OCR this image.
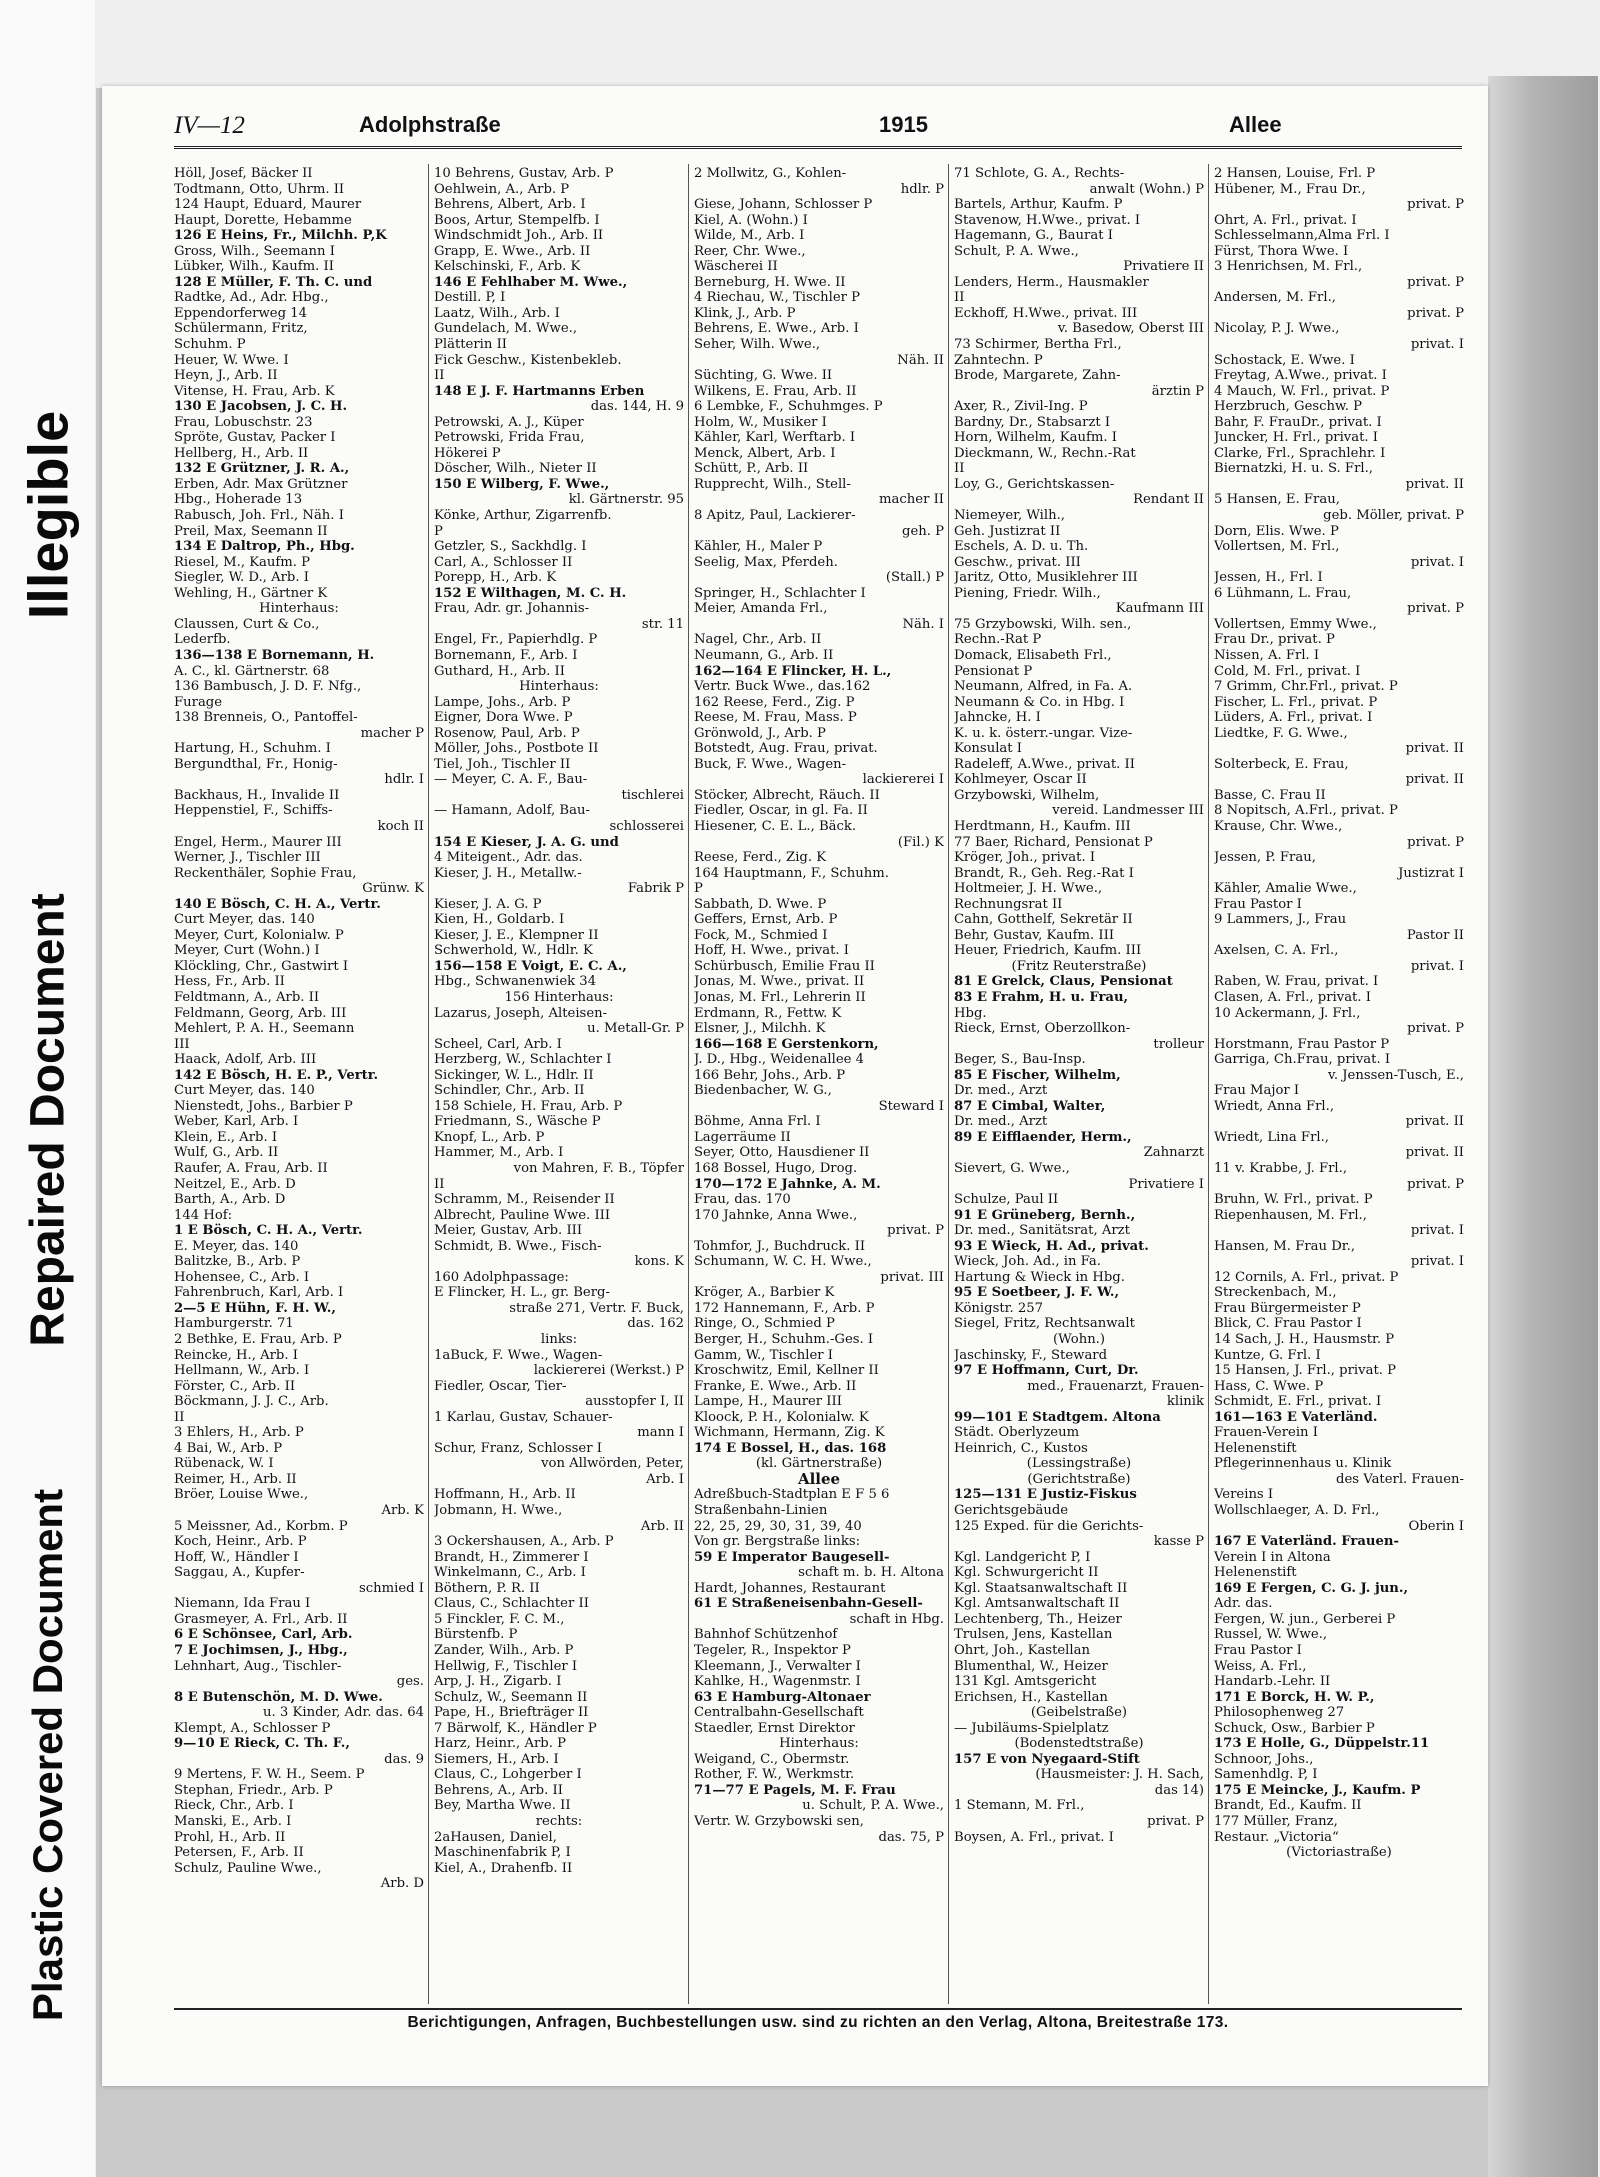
Illegible
Repaired Document
Plastic Covered Document
IV—12	Adolphstraße	1915	Allee
Höll, Josef, Bäcker II
Todtmann, Otto, Uhrm. II
124 Haupt, Eduard, Maurer
Haupt, Dorette, Hebamme
126 E Heins, Fr., Milchh. P,K
Gross, Wilh., Seemann I
Lübker, Wilh., Kaufm. II
128 E Müller, F. Th. C. und
Radtke, Ad., Adr. Hbg.,
Eppendorferweg 14
Schülermann, Fritz,
Schuhm. P
Heuer, W. Wwe. I
Heyn, J., Arb. II
Vitense, H. Frau, Arb. K
130 E Jacobsen, J. C. H.
Frau, Lobuschstr. 23
Spröte, Gustav, Packer I
Hellberg, H., Arb. II
132 E Grützner, J. R. A.,
Erben, Adr. Max Grützner
Hbg., Hoherade 13
Rabusch, Joh. Frl., Näh. I
Preil, Max, Seemann II
134 E Daltrop, Ph., Hbg.
Riesel, M., Kaufm. P
Siegler, W. D., Arb. I
Wehling, H., Gärtner K
Hinterhaus:
Claussen, Curt & Co.,
Lederfb.
136—138 E Bornemann, H.
A. C., kl. Gärtnerstr. 68
136 Bambusch, J. D. F. Nfg.,
Furage
138 Brenneis, O., Pantoffel-
macher P
Hartung, H., Schuhm. I
Bergundthal, Fr., Honig-
hdlr. I
Backhaus, H., Invalide II
Heppenstiel, F., Schiffs-
koch II
Engel, Herm., Maurer III
Werner, J., Tischler III
Reckenthäler, Sophie Frau,
Grünw. K
140 E Bösch, C. H. A., Vertr.
Curt Meyer, das. 140
Meyer, Curt, Kolonialw. P
Meyer, Curt (Wohn.) I
Klöckling, Chr., Gastwirt I
Hess, Fr., Arb. II
Feldtmann, A., Arb. II
Feldmann, Georg, Arb. III
Mehlert, P. A. H., Seemann
III
Haack, Adolf, Arb. III
142 E Bösch, H. E. P., Vertr.
Curt Meyer, das. 140
Nienstedt, Johs., Barbier P
Weber, Karl, Arb. I
Klein, E., Arb. I
Wulf, G., Arb. II
Raufer, A. Frau, Arb. II
Neitzel, E., Arb. D
Barth, A., Arb. D
144 Hof:
1 E Bösch, C. H. A., Vertr.
E. Meyer, das. 140
Balitzke, B., Arb. P
Hohensee, C., Arb. I
Fahrenbruch, Karl, Arb. I
2—5 E Hühn, F. H. W.,
Hamburgerstr. 71
2 Bethke, E. Frau, Arb. P
Reincke, H., Arb. I
Hellmann, W., Arb. I
Förster, C., Arb. II
Böckmann, J. J. C., Arb.
II
3 Ehlers, H., Arb. P
4 Bai, W., Arb. P
Rübenack, W. I
Reimer, H., Arb. II
Bröer, Louise Wwe.,
Arb. K
5 Meissner, Ad., Korbm. P
Koch, Heinr., Arb. P
Hoff, W., Händler I
Saggau, A., Kupfer-
schmied I
Niemann, Ida Frau I
Grasmeyer, A. Frl., Arb. II
6 E Schönsee, Carl, Arb.
7 E Jochimsen, J., Hbg.,
Lehnhart, Aug., Tischler-
ges.
8 E Butenschön, M. D. Wwe.
u. 3 Kinder, Adr. das. 64
Klempt, A., Schlosser P
9—10 E Rieck, C. Th. F.,
das. 9
9 Mertens, F. W. H., Seem. P
Stephan, Friedr., Arb. P
Rieck, Chr., Arb. I
Manski, E., Arb. I
Prohl, H., Arb. II
Petersen, F., Arb. II
Schulz, Pauline Wwe.,
Arb. D
10 Behrens, Gustav, Arb. P
Oehlwein, A., Arb. P
Behrens, Albert, Arb. I
Boos, Artur, Stempelfb. I
Windschmidt Joh., Arb. II
Grapp, E. Wwe., Arb. II
Kelschinski, F., Arb. K
146 E Fehlhaber M. Wwe.,
Destill. P, I
Laatz, Wilh., Arb. I
Gundelach, M. Wwe.,
Plätterin II
Fick Geschw., Kistenbekleb.
II
148 E J. F. Hartmanns Erben
das. 144, H. 9
Petrowski, A. J., Küper
Petrowski, Frida Frau,
Hökerei P
Döscher, Wilh., Nieter II
150 E Wilberg, F. Wwe.,
kl. Gärtnerstr. 95
Könke, Arthur, Zigarrenfb.
P
Getzler, S., Sackhdlg. I
Carl, A., Schlosser II
Porepp, H., Arb. K
152 E Wilthagen, M. C. H.
Frau, Adr. gr. Johannis-
str. 11
Engel, Fr., Papierhdlg. P
Bornemann, F., Arb. I
Guthard, H., Arb. II
Hinterhaus:
Lampe, Johs., Arb. P
Eigner, Dora Wwe. P
Rosenow, Paul, Arb. P
Möller, Johs., Postbote II
Tiel, Joh., Tischler II
— Meyer, C. A. F., Bau-
tischlerei
— Hamann, Adolf, Bau-
schlosserei
154 E Kieser, J. A. G. und
4 Miteigent., Adr. das.
Kieser, J. H., Metallw.-
Fabrik P
Kieser, J. A. G. P
Kien, H., Goldarb. I
Kieser, J. E., Klempner II
Schwerhold, W., Hdlr. K
156—158 E Voigt, E. C. A.,
Hbg., Schwanenwiek 34
156 Hinterhaus:
Lazarus, Joseph, Alteisen-
u. Metall-Gr. P
Scheel, Carl, Arb. I
Herzberg, W., Schlachter I
Sickinger, W. L., Hdlr. II
Schindler, Chr., Arb. II
158 Schiele, H. Frau, Arb. P
Friedmann, S., Wäsche P
Knopf, L., Arb. P
Hammer, M., Arb. I
von Mahren, F. B., Töpfer
II
Schramm, M., Reisender II
Albrecht, Pauline Wwe. III
Meier, Gustav, Arb. III
Schmidt, B. Wwe., Fisch-
kons. K
160 Adolphpassage:
E Flincker, H. L., gr. Berg-
straße 271, Vertr. F. Buck,
das. 162
links:
1aBuck, F. Wwe., Wagen-
lackiererei (Werkst.) P
Fiedler, Oscar, Tier-
ausstopfer I, II
1 Karlau, Gustav, Schauer-
mann I
Schur, Franz, Schlosser I
von Allwörden, Peter,
Arb. I
Hoffmann, H., Arb. II
Jobmann, H. Wwe.,
Arb. II
3 Ockershausen, A., Arb. P
Brandt, H., Zimmerer I
Winkelmann, C., Arb. I
Böthern, P. R. II
Claus, C., Schlachter II
5 Finckler, F. C. M.,
Bürstenfb. P
Zander, Wilh., Arb. P
Hellwig, F., Tischler I
Arp, J. H., Zigarb. I
Schulz, W., Seemann II
Pape, H., Briefträger II
7 Bärwolf, K., Händler P
Harz, Heinr., Arb. P
Siemers, H., Arb. I
Claus, C., Lohgerber I
Behrens, A., Arb. II
Bey, Martha Wwe. II
rechts:
2aHausen, Daniel,
Maschinenfabrik P, I
Kiel, A., Drahenfb. II
2 Mollwitz, G., Kohlen-
hdlr. P
Giese, Johann, Schlosser P
Kiel, A. (Wohn.) I
Wilde, M., Arb. I
Reer, Chr. Wwe.,
Wäscherei II
Berneburg, H. Wwe. II
4 Riechau, W., Tischler P
Klink, J., Arb. P
Behrens, E. Wwe., Arb. I
Seher, Wilh. Wwe.,
Näh. II
Süchting, G. Wwe. II
Wilkens, E. Frau, Arb. II
6 Lembke, F., Schuhmges. P
Holm, W., Musiker I
Kähler, Karl, Werftarb. I
Menck, Albert, Arb. I
Schütt, P., Arb. II
Rupprecht, Wilh., Stell-
macher II
8 Apitz, Paul, Lackierer-
geh. P
Kähler, H., Maler P
Seelig, Max, Pferdeh.
(Stall.) P
Springer, H., Schlachter I
Meier, Amanda Frl.,
Näh. I
Nagel, Chr., Arb. II
Neumann, G., Arb. II
162—164 E Flincker, H. L.,
Vertr. Buck Wwe., das.162
162 Reese, Ferd., Zig. P
Reese, M. Frau, Mass. P
Grönwold, J., Arb. P
Botstedt, Aug. Frau, privat.
Buck, F. Wwe., Wagen-
lackiererei I
Stöcker, Albrecht, Räuch. II
Fiedler, Oscar, in gl. Fa. II
Hiesener, C. E. L., Bäck.
(Fil.) K
Reese, Ferd., Zig. K
164 Hauptmann, F., Schuhm.
P
Sabbath, D. Wwe. P
Geffers, Ernst, Arb. P
Fock, M., Schmied I
Hoff, H. Wwe., privat. I
Schürbusch, Emilie Frau II
Jonas, M. Wwe., privat. II
Jonas, M. Frl., Lehrerin II
Erdmann, R., Fettw. K
Elsner, J., Milchh. K
166—168 E Gerstenkorn,
J. D., Hbg., Weidenallee 4
166 Behr, Johs., Arb. P
Biedenbacher, W. G.,
Steward I
Böhme, Anna Frl. I
Lagerräume II
Seyer, Otto, Hausdiener II
168 Bossel, Hugo, Drog.
170—172 E Jahnke, A. M.
Frau, das. 170
170 Jahnke, Anna Wwe.,
privat. P
Tohmfor, J., Buchdruck. II
Schumann, W. C. H. Wwe.,
privat. III
Kröger, A., Barbier K
172 Hannemann, F., Arb. P
Ringe, O., Schmied P
Berger, H., Schuhm.-Ges. I
Gamm, W., Tischler I
Kroschwitz, Emil, Kellner II
Franke, E. Wwe., Arb. II
Lampe, H., Maurer III
Kloock, P. H., Kolonialw. K
Wichmann, Hermann, Zig. K
174 E Bossel, H., das. 168
(kl. Gärtnerstraße)
Allee
Adreßbuch-Stadtplan E F 5 6
Straßenbahn-Linien
22, 25, 29, 30, 31, 39, 40
Von gr. Bergstraße links:
59 E Imperator Baugesell-
schaft m. b. H. Altona
Hardt, Johannes, Restaurant
61 E Straßeneisenbahn-Gesell-
schaft in Hbg.
Bahnhof Schützenhof
Tegeler, R., Inspektor P
Kleemann, J., Verwalter I
Kahlke, H., Wagenmstr. I
63 E Hamburg-Altonaer
Centralbahn-Gesellschaft
Staedler, Ernst Direktor
Hinterhaus:
Weigand, C., Obermstr.
Rother, F. W., Werkmstr.
71—77 E Pagels, M. F. Frau
u. Schult, P. A. Wwe.,
Vertr. W. Grzybowski sen,
das. 75, P
71 Schlote, G. A., Rechts-
anwalt (Wohn.) P
Bartels, Arthur, Kaufm. P
Stavenow, H.Wwe., privat. I
Hagemann, G., Baurat I
Schult, P. A. Wwe.,
Privatiere II
Lenders, Herm., Hausmakler
II
Eckhoff, H.Wwe., privat. III
v. Basedow, Oberst III
73 Schirmer, Bertha Frl.,
Zahntechn. P
Brode, Margarete, Zahn-
ärztin P
Axer, R., Zivil-Ing. P
Bardny, Dr., Stabsarzt I
Horn, Wilhelm, Kaufm. I
Dieckmann, W., Rechn.-Rat
II
Loy, G., Gerichtskassen-
Rendant II
Niemeyer, Wilh.,
Geh. Justizrat II
Eschels, A. D. u. Th.
Geschw., privat. III
Jaritz, Otto, Musiklehrer III
Piening, Friedr. Wilh.,
Kaufmann III
75 Grzybowski, Wilh. sen.,
Rechn.-Rat P
Domack, Elisabeth Frl.,
Pensionat P
Neumann, Alfred, in Fa. A.
Neumann & Co. in Hbg. I
Jahncke, H. I
K. u. k. österr.-ungar. Vize-
Konsulat I
Radeleff, A.Wwe., privat. II
Kohlmeyer, Oscar II
Grzybowski, Wilhelm,
vereid. Landmesser III
Herdtmann, H., Kaufm. III
77 Baer, Richard, Pensionat P
Kröger, Joh., privat. I
Brandt, R., Geh. Reg.-Rat I
Holtmeier, J. H. Wwe.,
Rechnungsrat II
Cahn, Gotthelf, Sekretär II
Behr, Gustav, Kaufm. III
Heuer, Friedrich, Kaufm. III
(Fritz Reuterstraße)
81 E Grelck, Claus, Pensionat
83 E Frahm, H. u. Frau,
Hbg.
Rieck, Ernst, Oberzollkon-
trolleur
Beger, S., Bau-Insp.
85 E Fischer, Wilhelm,
Dr. med., Arzt
87 E Cimbal, Walter,
Dr. med., Arzt
89 E Eifflaender, Herm.,
Zahnarzt
Sievert, G. Wwe.,
Privatiere I
Schulze, Paul II
91 E Grüneberg, Bernh.,
Dr. med., Sanitätsrat, Arzt
93 E Wieck, H. Ad., privat.
Wieck, Joh. Ad., in Fa.
Hartung & Wieck in Hbg.
95 E Soetbeer, J. F. W.,
Königstr. 257
Siegel, Fritz, Rechtsanwalt
(Wohn.)
Jaschinsky, F., Steward
97 E Hoffmann, Curt, Dr.
med., Frauenarzt, Frauen-
klinik
99—101 E Stadtgem. Altona
Städt. Oberlyzeum
Heinrich, C., Kustos
(Lessingstraße)
(Gerichtstraße)
125—131 E Justiz-Fiskus
Gerichtsgebäude
125 Exped. für die Gerichts-
kasse P
Kgl. Landgericht P, I
Kgl. Schwurgericht II
Kgl. Staatsanwaltschaft II
Kgl. Amtsanwaltschaft II
Lechtenberg, Th., Heizer
Trulsen, Jens, Kastellan
Ohrt, Joh., Kastellan
Blumenthal, W., Heizer
131 Kgl. Amtsgericht
Erichsen, H., Kastellan
(Geibelstraße)
— Jubiläums-Spielplatz
(Bodenstedtstraße)
157 E von Nyegaard-Stift
(Hausmeister: J. H. Sach,
das 14)
1 Stemann, M. Frl.,
privat. P
Boysen, A. Frl., privat. I
2 Hansen, Louise, Frl. P
Hübener, M., Frau Dr.,
privat. P
Ohrt, A. Frl., privat. I
Schlesselmann,Alma Frl. I
Fürst, Thora Wwe. I
3 Henrichsen, M. Frl.,
privat. P
Andersen, M. Frl.,
privat. P
Nicolay, P. J. Wwe.,
privat. I
Schostack, E. Wwe. I
Freytag, A.Wwe., privat. I
4 Mauch, W. Frl., privat. P
Herzbruch, Geschw. P
Bahr, F. FrauDr., privat. I
Juncker, H. Frl., privat. I
Clarke, Frl., Sprachlehr. I
Biernatzki, H. u. S. Frl.,
privat. II
5 Hansen, E. Frau,
geb. Möller, privat. P
Dorn, Elis. Wwe. P
Vollertsen, M. Frl.,
privat. I
Jessen, H., Frl. I
6 Lühmann, L. Frau,
privat. P
Vollertsen, Emmy Wwe.,
Frau Dr., privat. P
Nissen, A. Frl. I
Cold, M. Frl., privat. I
7 Grimm, Chr.Frl., privat. P
Fischer, L. Frl., privat. P
Lüders, A. Frl., privat. I
Liedtke, F. G. Wwe.,
privat. II
Solterbeck, E. Frau,
privat. II
Basse, C. Frau II
8 Nopitsch, A.Frl., privat. P
Krause, Chr. Wwe.,
privat. P
Jessen, P. Frau,
Justizrat I
Kähler, Amalie Wwe.,
Frau Pastor I
9 Lammers, J., Frau
Pastor II
Axelsen, C. A. Frl.,
privat. I
Raben, W. Frau, privat. I
Clasen, A. Frl., privat. I
10 Ackermann, J. Frl.,
privat. P
Horstmann, Frau Pastor P
Garriga, Ch.Frau, privat. I
v. Jenssen-Tusch, E.,
Frau Major I
Wriedt, Anna Frl.,
privat. II
Wriedt, Lina Frl.,
privat. II
11 v. Krabbe, J. Frl.,
privat. P
Bruhn, W. Frl., privat. P
Riepenhausen, M. Frl.,
privat. I
Hansen, M. Frau Dr.,
privat. I
12 Cornils, A. Frl., privat. P
Streckenbach, M.,
Frau Bürgermeister P
Blick, C. Frau Pastor I
14 Sach, J. H., Hausmstr. P
Kuntze, G. Frl. I
15 Hansen, J. Frl., privat. P
Hass, C. Wwe. P
Schmidt, E. Frl., privat. I
161—163 E Vaterländ.
Frauen-Verein I
Helenenstift
Pflegerinnenhaus u. Klinik
des Vaterl. Frauen-
Vereins I
Wollschlaeger, A. D. Frl.,
Oberin I
167 E Vaterländ. Frauen-
Verein I in Altona
Helenenstift
169 E Fergen, C. G. J. jun.,
Adr. das.
Fergen, W. jun., Gerberei P
Russel, W. Wwe.,
Frau Pastor I
Weiss, A. Frl.,
Handarb.-Lehr. II
171 E Borck, H. W. P.,
Philosophenweg 27
Schuck, Osw., Barbier P
173 E Holle, G., Düppelstr.11
Schnoor, Johs.,
Samenhdlg. P, I
175 E Meincke, J., Kaufm. P
Brandt, Ed., Kaufm. II
177 Müller, Franz,
Restaur. „Victoria“
(Victoriastraße)
Berichtigungen, Anfragen, Buchbestellungen usw. sind zu richten an den Verlag, Altona, Breitestraße 173.
